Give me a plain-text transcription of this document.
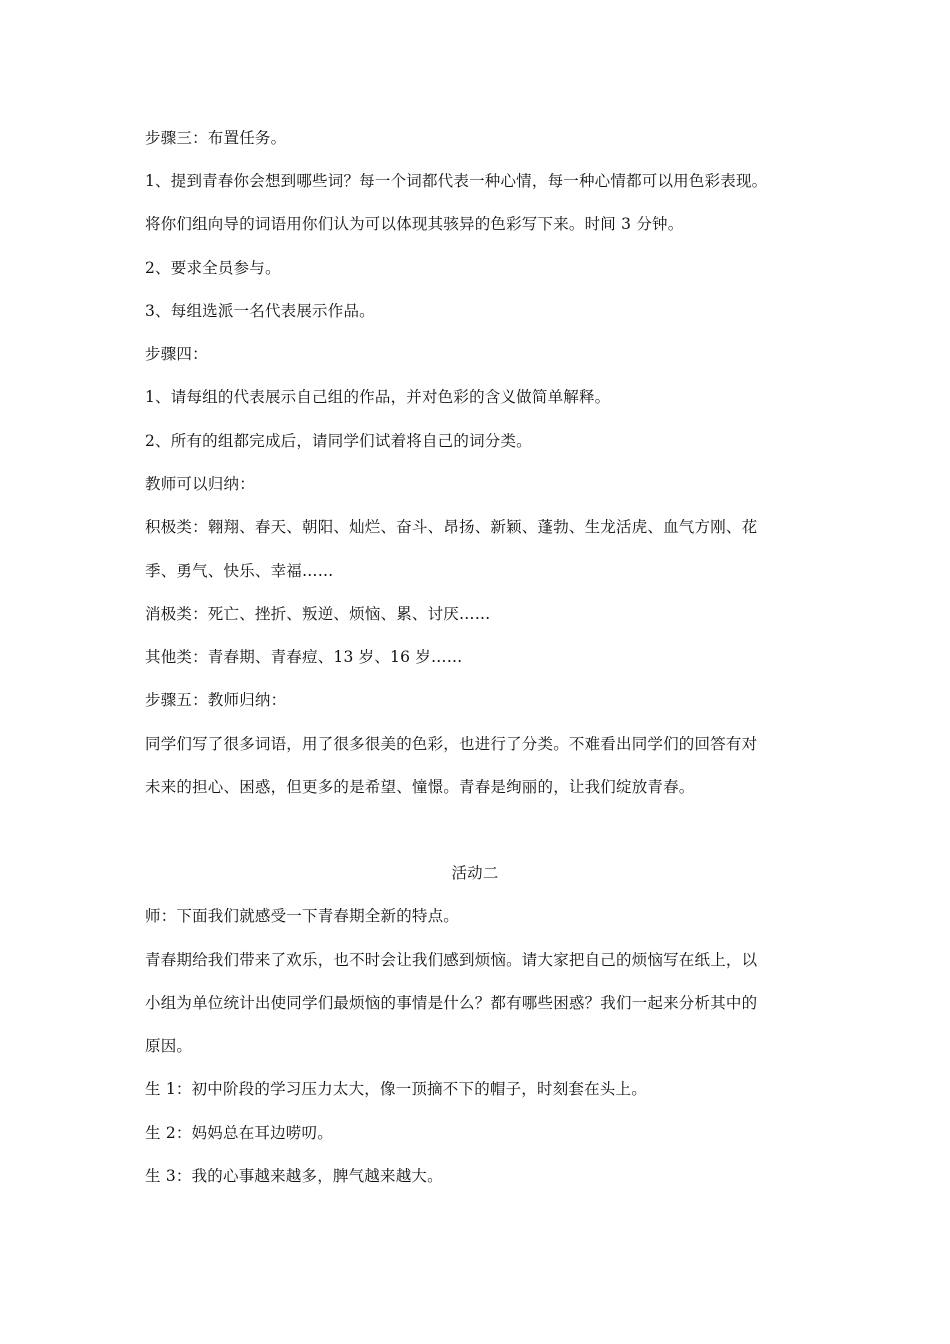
步骤三：布置任务。
1、提到青春你会想到哪些词？每一个词都代表一种心情，每一种心情都可以用色彩表现。
将你们组向导的词语用你们认为可以体现其骇异的色彩写下来。时间 3 分钟。
2、要求全员参与。
3、每组选派一名代表展示作品。
步骤四：
1、请每组的代表展示自己组的作品，并对色彩的含义做简单解释。
2、所有的组都完成后，请同学们试着将自己的词分类。
教师可以归纳：
积极类：翱翔、春天、朝阳、灿烂、奋斗、昂扬、新颖、蓬勃、生龙活虎、血气方刚、花
季、勇气、快乐、幸福……
消极类：死亡、挫折、叛逆、烦恼、累、讨厌……
其他类：青春期、青春痘、13 岁、16 岁……
步骤五：教师归纳：
同学们写了很多词语，用了很多很美的色彩，也进行了分类。不难看出同学们的回答有对
未来的担心、困惑，但更多的是希望、憧憬。青春是绚丽的，让我们绽放青春。
活动二
师：下面我们就感受一下青春期全新的特点。
青春期给我们带来了欢乐，也不时会让我们感到烦恼。请大家把自己的烦恼写在纸上，以
小组为单位统计出使同学们最烦恼的事情是什么？都有哪些困惑？我们一起来分析其中的
原因。
生 1：初中阶段的学习压力太大，像一顶摘不下的帽子，时刻套在头上。
生 2：妈妈总在耳边唠叨。
生 3：我的心事越来越多，脾气越来越大。
